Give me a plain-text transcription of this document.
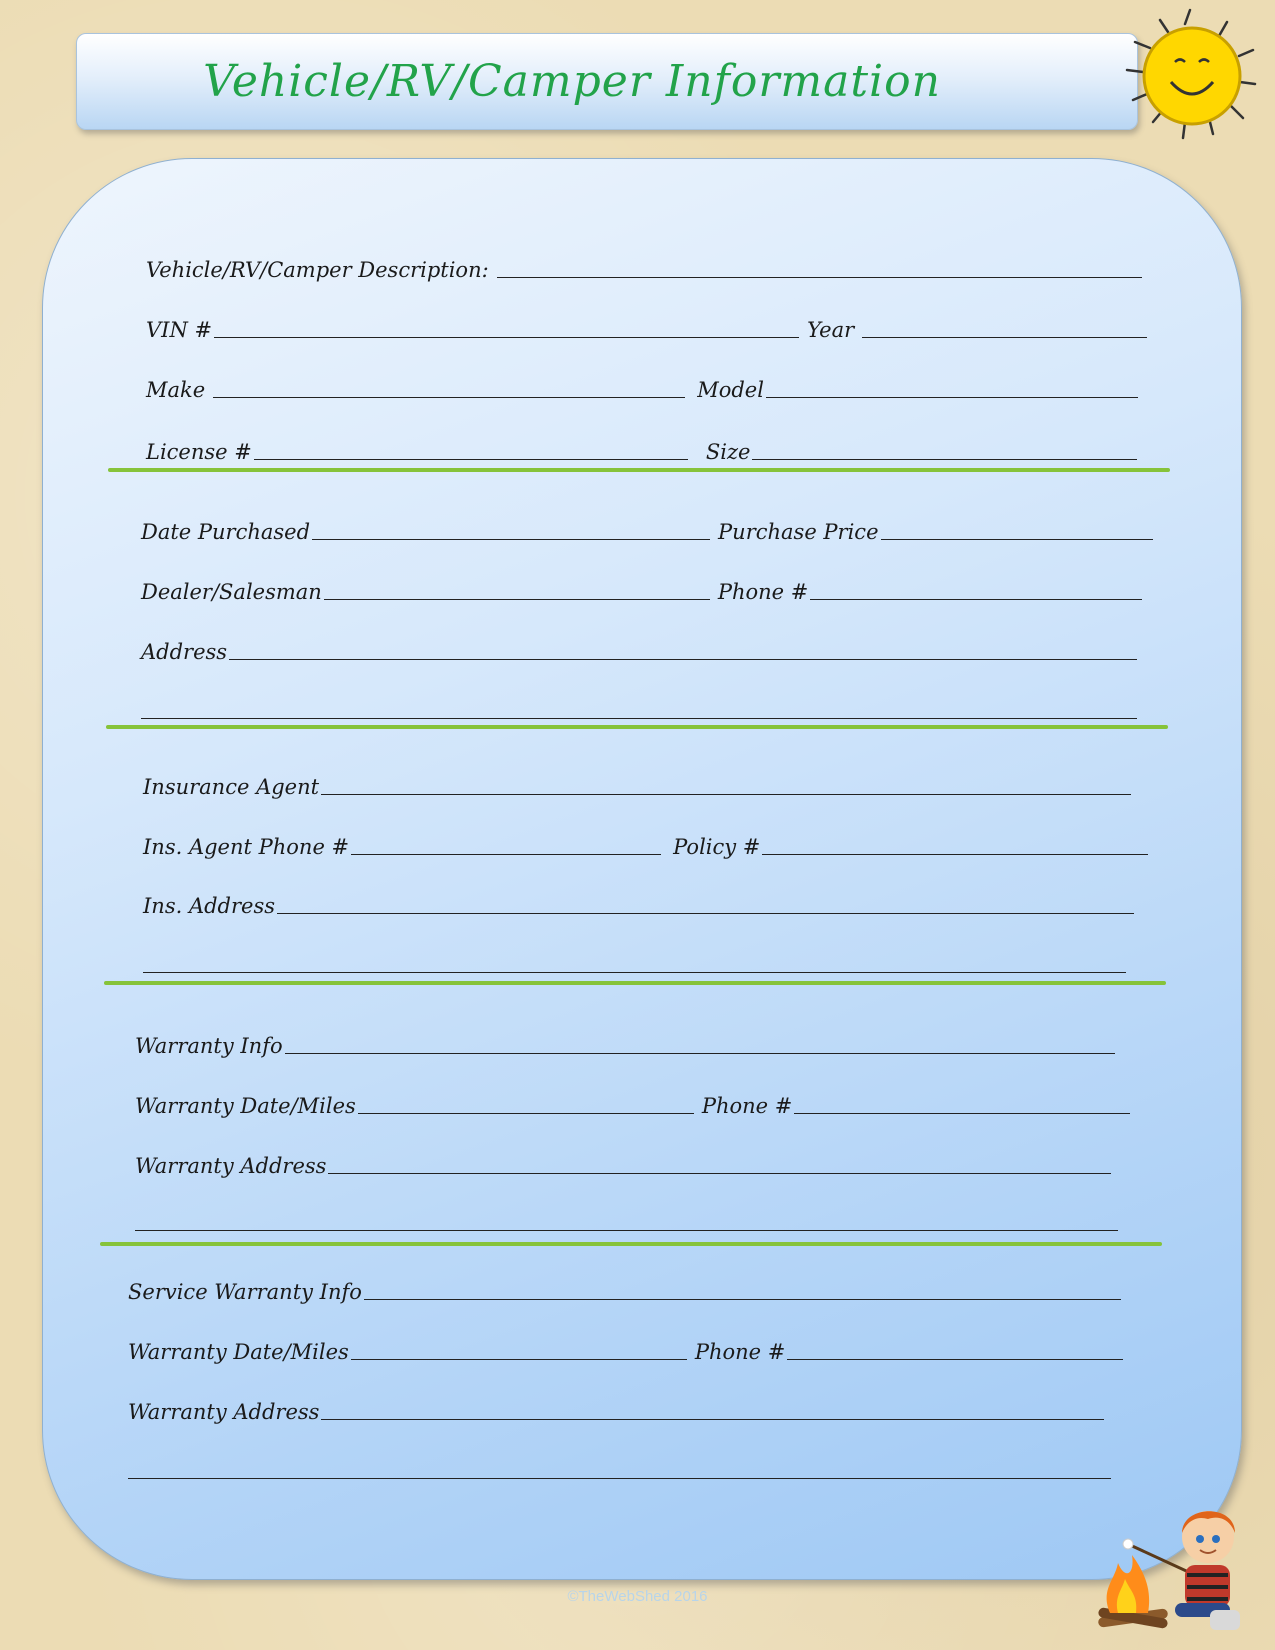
Vehicle/RV/Camper Information
Vehicle/RV/Camper Description:
VIN #	Year
Make	Model
License #	Size
Date Purchased	Purchase Price
Dealer/Salesman	Phone #
Address
Insurance Agent
Ins. Agent Phone #	Policy #
Ins. Address
Warranty Info
Warranty Date/Miles	Phone #
Warranty Address
Service Warranty Info
Warranty Date/Miles	Phone #
Warranty Address
©TheWebShed 2016
